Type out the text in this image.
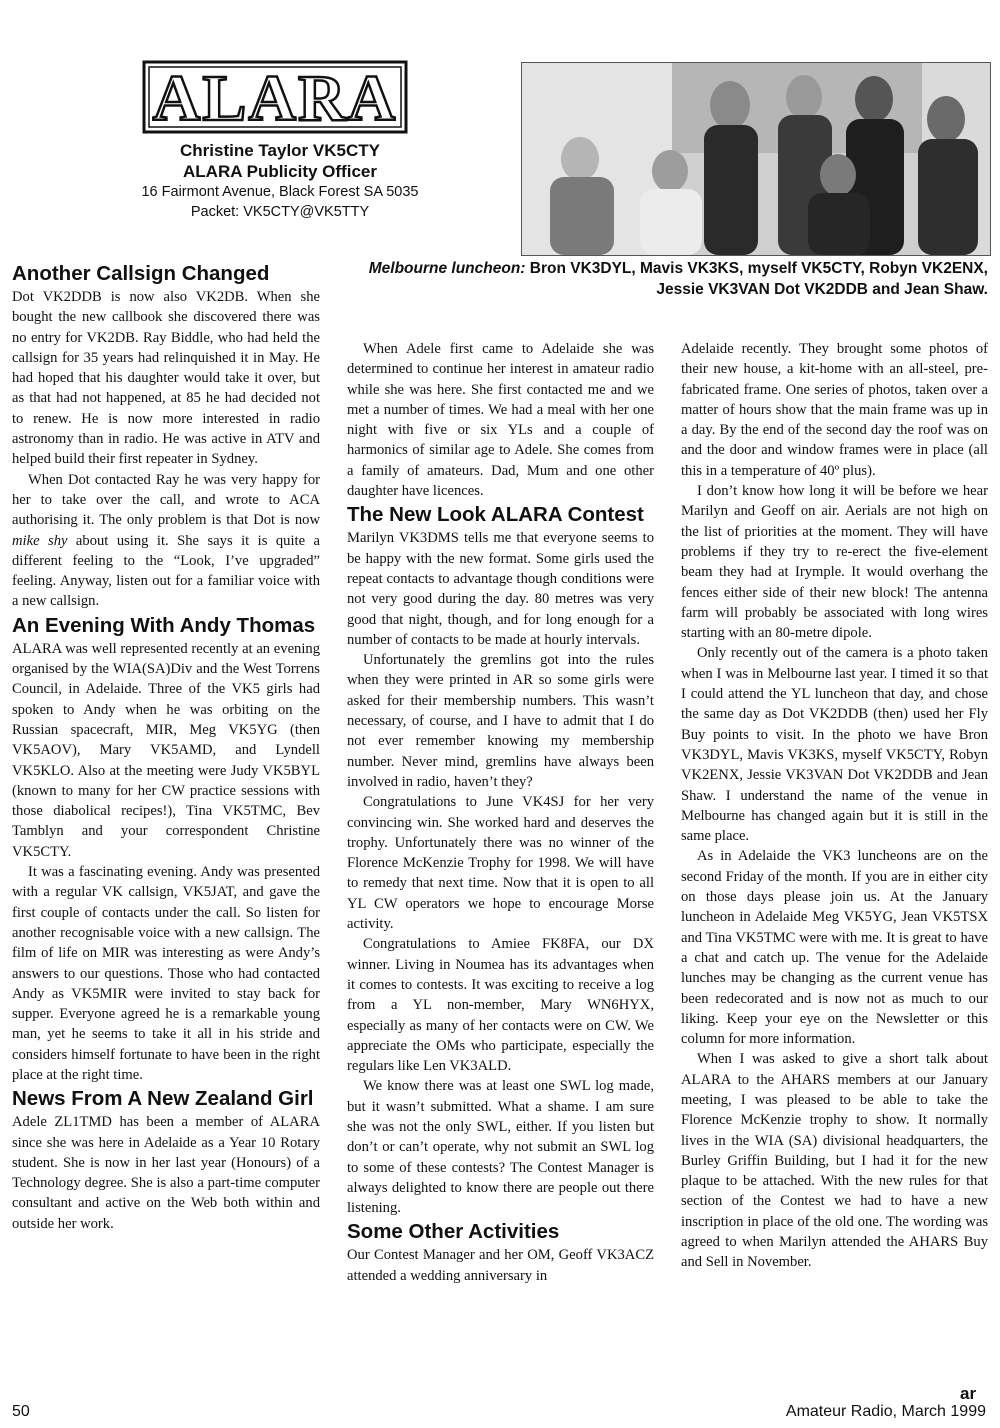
ALARA
Christine Taylor VK5CTY
ALARA Publicity Officer
16 Fairmont Avenue, Black Forest SA 5035
Packet: VK5CTY@VK5TTY
Melbourne luncheon: Bron VK3DYL, Mavis VK3KS, myself VK5CTY, Robyn VK2ENX, Jessie VK3VAN Dot VK2DDB and Jean Shaw.
Another Callsign Changed

Dot VK2DDB is now also VK2DB. When she bought the new callbook she discovered there was no entry for VK2DB. Ray Biddle, who had held the callsign for 35 years had relinquished it in May. He had hoped that his daughter would take it over, but as that had not happened, at 85 he had decided not to renew. He is now more interested in radio astronomy than in radio. He was active in ATV and helped build their first repeater in Sydney.

When Dot contacted Ray he was very happy for her to take over the call, and wrote to ACA authorising it. The only problem is that Dot is now mike shy about using it. She says it is quite a different feeling to the “Look, I’ve upgraded” feeling. Anyway, listen out for a familiar voice with a new callsign.

An Evening With Andy Thomas

ALARA was well represented recently at an evening organised by the WIA(SA)Div and the West Torrens Council, in Adelaide. Three of the VK5 girls had spoken to Andy when he was orbiting on the Russian spacecraft, MIR, Meg VK5YG (then VK5AOV), Mary VK5AMD, and Lyndell VK5KLO. Also at the meeting were Judy VK5BYL (known to many for her CW practice sessions with those diabolical recipes!), Tina VK5TMC, Bev Tamblyn and your correspondent Christine VK5CTY.

It was a fascinating evening. Andy was presented with a regular VK callsign, VK5JAT, and gave the first couple of contacts under the call. So listen for another recognisable voice with a new callsign. The film of life on MIR was interesting as were Andy’s answers to our questions. Those who had contacted Andy as VK5MIR were invited to stay back for supper. Everyone agreed he is a remarkable young man, yet he seems to take it all in his stride and considers himself fortunate to have been in the right place at the right time.

News From A New Zealand Girl

Adele ZL1TMD has been a member of ALARA since she was here in Adelaide as a Year 10 Rotary student. She is now in her last year (Honours) of a Technology degree. She is also a part-time computer consultant and active on the Web both within and outside her work.

When Adele first came to Adelaide she was determined to continue her interest in amateur radio while she was here. She first contacted me and we met a number of times. We had a meal with her one night with five or six YLs and a couple of harmonics of similar age to Adele. She comes from a family of amateurs. Dad, Mum and one other daughter have licences.

The New Look ALARA Contest

Marilyn VK3DMS tells me that everyone seems to be happy with the new format. Some girls used the repeat contacts to advantage though conditions were not very good during the day. 80 metres was very good that night, though, and for long enough for a number of contacts to be made at hourly intervals.

Unfortunately the gremlins got into the rules when they were printed in AR so some girls were asked for their membership numbers. This wasn’t necessary, of course, and I have to admit that I do not ever remember knowing my membership number. Never mind, gremlins have always been involved in radio, haven’t they?

Congratulations to June VK4SJ for her very convincing win. She worked hard and deserves the trophy. Unfortunately there was no winner of the Florence McKenzie Trophy for 1998. We will have to remedy that next time. Now that it is open to all YL CW operators we hope to encourage Morse activity.

Congratulations to Amiee FK8FA, our DX winner. Living in Noumea has its advantages when it comes to contests. It was exciting to receive a log from a YL non-member, Mary WN6HYX, especially as many of her contacts were on CW. We appreciate the OMs who participate, especially the regulars like Len VK3ALD.

We know there was at least one SWL log made, but it wasn’t submitted. What a shame. I am sure she was not the only SWL, either. If you listen but don’t or can’t operate, why not submit an SWL log to some of these contests? The Contest Manager is always delighted to know there are people out there listening.

Some Other Activities

Our Contest Manager and her OM, Geoff VK3ACZ attended a wedding anniversary in

Adelaide recently. They brought some photos of their new house, a kit-home with an all-steel, pre-fabricated frame. One series of photos, taken over a matter of hours show that the main frame was up in a day. By the end of the second day the roof was on and the door and window frames were in place (all this in a temperature of 40º plus).

I don’t know how long it will be before we hear Marilyn and Geoff on air. Aerials are not high on the list of priorities at the moment. They will have problems if they try to re-erect the five-element beam they had at Irymple. It would overhang the fences either side of their new block! The antenna farm will probably be associated with long wires starting with an 80-metre dipole.

Only recently out of the camera is a photo taken when I was in Melbourne last year. I timed it so that I could attend the YL luncheon that day, and chose the same day as Dot VK2DDB (then) used her Fly Buy points to visit. In the photo we have Bron VK3DYL, Mavis VK3KS, myself VK5CTY, Robyn VK2ENX, Jessie VK3VAN Dot VK2DDB and Jean Shaw. I understand the name of the venue in Melbourne has changed again but it is still in the same place.

As in Adelaide the VK3 luncheons are on the second Friday of the month. If you are in either city on those days please join us. At the January luncheon in Adelaide Meg VK5YG, Jean VK5TSX and Tina VK5TMC were with me. It is great to have a chat and catch up. The venue for the Adelaide lunches may be changing as the current venue has been redecorated and is now not as much to our liking. Keep your eye on the Newsletter or this column for more information.

When I was asked to give a short talk about ALARA to the AHARS members at our January meeting, I was pleased to be able to take the Florence McKenzie trophy to show. It normally lives in the WIA (SA) divisional headquarters, the Burley Griffin Building, but I had it for the new plaque to be attached. With the new rules for that section of the Contest we had to have a new inscription in place of the old one. The wording was agreed to when Marilyn attended the AHARS Buy and Sell in November.

ar
50	Amateur Radio, March 1999
